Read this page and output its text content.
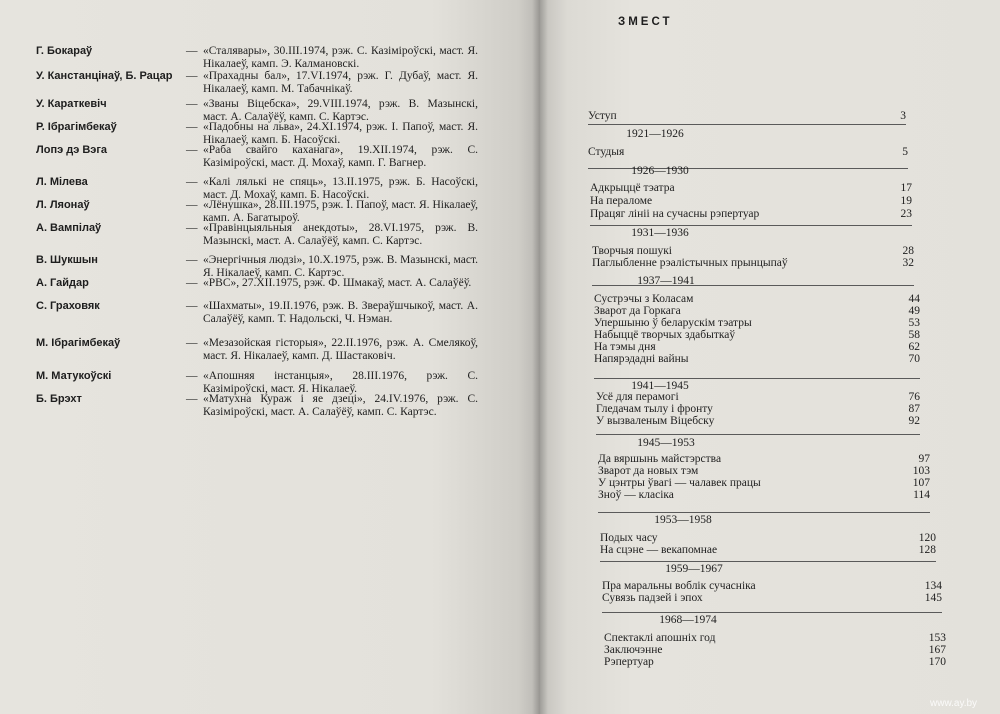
Г. Бокараў	— «Сталявары», 30.III.1974, рэж. С. Казіміроўскі, маст. Я. Нікалаеў, камп. Э. Калмановскі.
У. Канстанцінаў, Б. Рацар	— «Прахадны бал», 17.VI.1974, рэж. Г. Дубаў, маст. Я. Нікалаеў, камп. М. Табачнікаў.
У. Караткевіч	— «Званы Віцебска», 29.VIII.1974, рэж. В. Мазынскі, маст. А. Салаўёў, камп. С. Картэс.
Р. Ібрагімбекаў	— «Падобны на льва», 24.XI.1974, рэж. І. Папоў, маст. Я. Нікалаеў, камп. Б. Насоўскі.
Лопэ дэ Вэга	— «Раба свайго каханага», 19.XII.1974, рэж. С. Казіміроўскі, маст. Д. Мохаў, камп. Г. Вагнер.
Л. Мілева	— «Калі лялькі не спяць», 13.II.1975, рэж. Б. Насоўскі, маст. Д. Мохаў, камп. Б. Насоўскі.
Л. Ляонаў	— «Лёнушка», 28.III.1975, рэж. І. Папоў, маст. Я. Нікалаеў, камп. А. Багатыроў.
А. Вампілаў	— «Правінцыяльныя анекдоты», 28.VI.1975, рэж. В. Мазынскі, маст. А. Салаўёў, камп. С. Картэс.
В. Шукшын	— «Энергічныя людзі», 10.X.1975, рэж. В. Мазынскі, маст. Я. Нікалаеў, камп. С. Картэс.
А. Гайдар	— «РВС», 27.XII.1975, рэж. Ф. Шмакаў, маст. А. Салаўёў.
С. Граховяк	— «Шахматы», 19.II.1976, рэж. В. Звераўшчыкоў, маст. А. Салаўёў, камп. Т. Надольскі, Ч. Нэман.
М. Ібрагімбекаў	— «Мезазойская гісторыя», 22.II.1976, рэж. А. Смелякоў, маст. Я. Нікалаеў, камп. Д. Шастаковіч.
М. Матукоўскі	— «Апошняя інстанцыя», 28.III.1976, рэж. С. Казіміроўскі, маст. Я. Нікалаеў.
Б. Брэхт	— «Матухна Кураж і яе дзеці», 24.IV.1976, рэж. С. Казіміроўскі, маст. А. Салаўёў, камп. С. Картэс.
ЗМЕСТ
Уступ	3
1921—1926
Студыя	5
1926—1930
Адкрыццё тэатра	17
На пераломе	19
Працяг лініі на сучасны рэпертуар	23
1931—1936
Творчыя пошукі	28
Паглыбленне рэалістычных прынцыпаў	32
1937—1941
Сустрэчы з Коласам	44
Зварот да Горкага	49
Упершыню ў беларускім тэатры	53
Набыццё творчых здабыткаў	58
На тэмы дня	62
Напярэдадні вайны	70
1941—1945
Усё для перамогі	76
Гледачам тылу і фронту	87
У вызваленым Віцебску	92
1945—1953
Да вяршынь майстэрства	97
Зварот да новых тэм	103
У цэнтры ўвагі — чалавек працы	107
Зноў — класіка	114
1953—1958
Подых часу	120
На сцэне — векапомнае	128
1959—1967
Пра маральны воблік сучасніка	134
Сувязь падзей і эпох	145
1968—1974
Спектаклі апошніх год	153
Заключэнне	167
Рэпертуар	170
www.ay.by
